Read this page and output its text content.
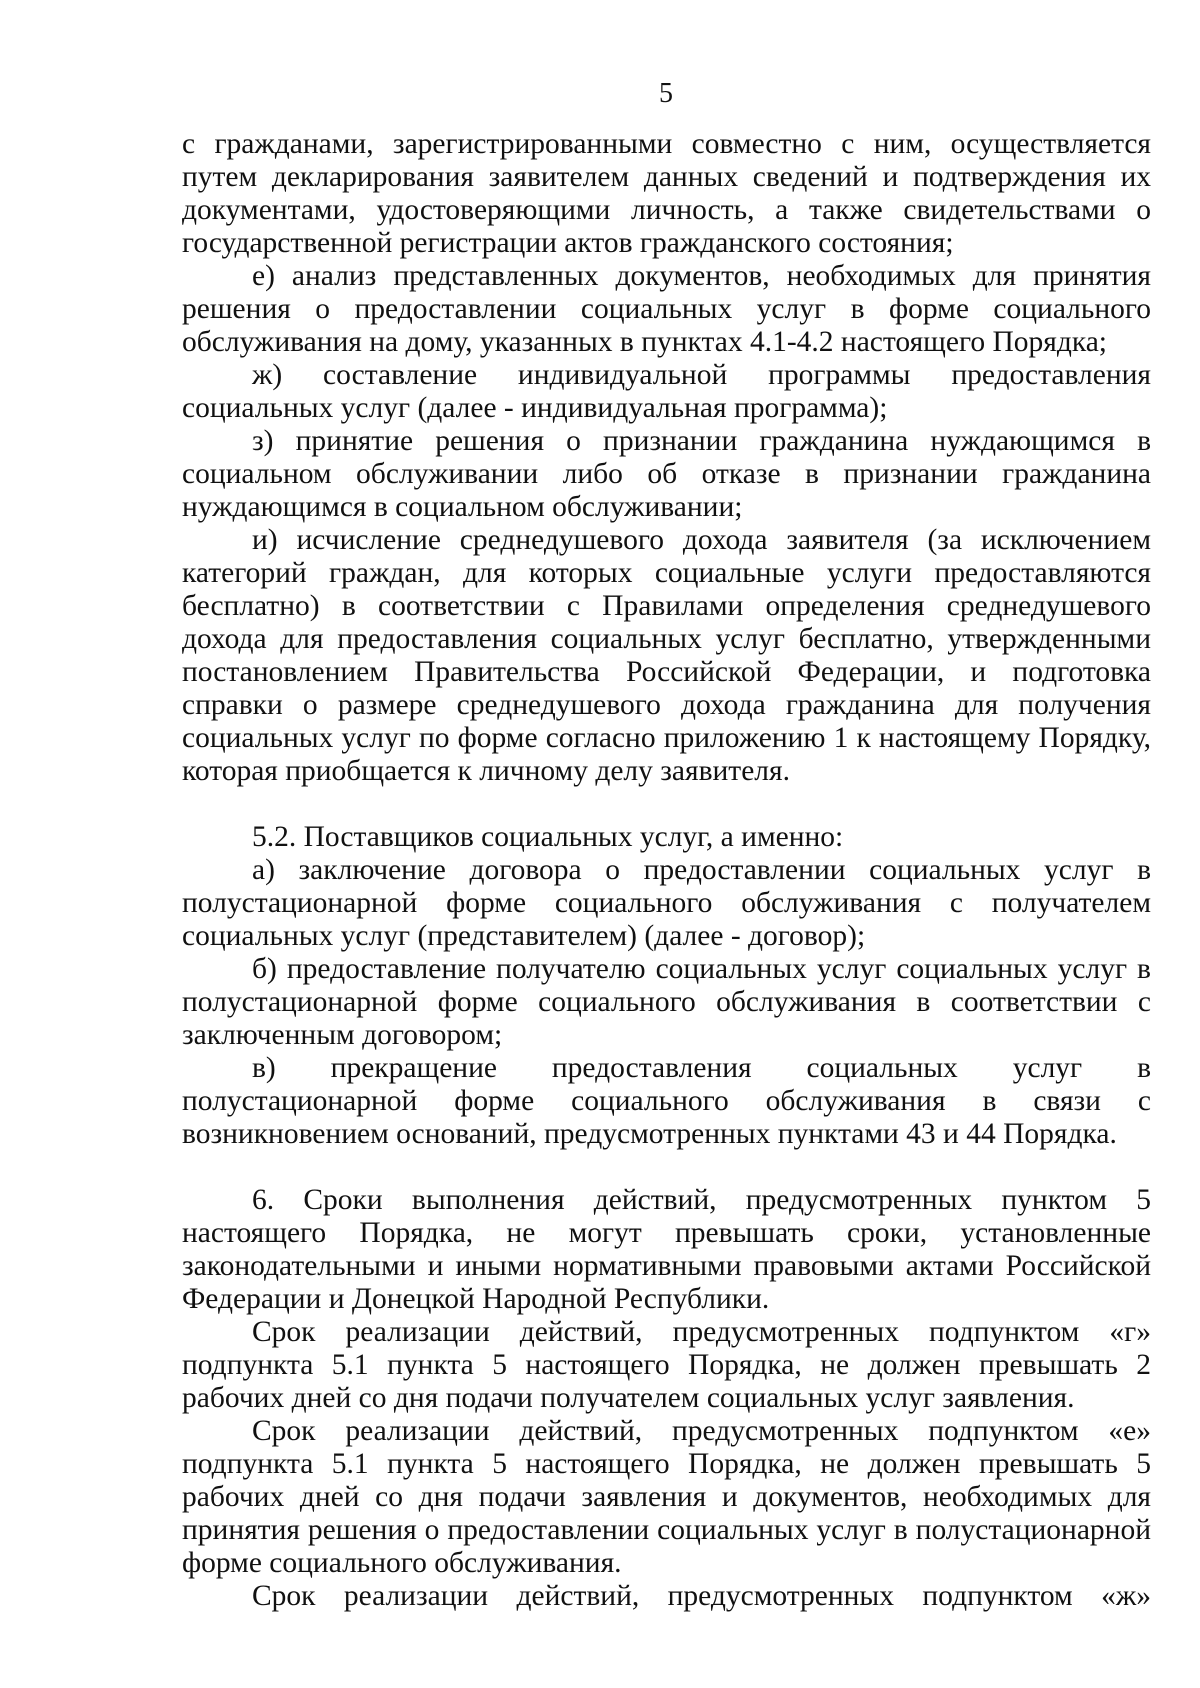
5

с гражданами, зарегистрированными совместно с ним, осуществляется путем декларирования заявителем данных сведений и подтверждения их документами, удостоверяющими личность, а также свидетельствами о государственной регистрации актов гражданского состояния;

е) анализ представленных документов, необходимых для принятия решения о предоставлении социальных услуг в форме социального обслуживания на дому, указанных в пунктах 4.1-4.2 настоящего Порядка;

ж) составление индивидуальной программы предоставления социальных услуг (далее - индивидуальная программа);

з) принятие решения о признании гражданина нуждающимся в социальном обслуживании либо об отказе в признании гражданина нуждающимся в социальном обслуживании;

и) исчисление среднедушевого дохода заявителя (за исключением категорий граждан, для которых социальные услуги предоставляются бесплатно) в соответствии с Правилами определения среднедушевого дохода для предоставления социальных услуг бесплатно, утвержденными постановлением Правительства Российской Федерации, и подготовка справки о размере среднедушевого дохода гражданина для получения социальных услуг по форме согласно приложению 1 к настоящему Порядку, которая приобщается к личному делу заявителя.

5.2. Поставщиков социальных услуг, а именно:

а) заключение договора о предоставлении социальных услуг в полустационарной форме социального обслуживания с получателем социальных услуг (представителем) (далее - договор);

б) предоставление получателю социальных услуг социальных услуг в полустационарной форме социального обслуживания в соответствии с заключенным договором;

в) прекращение предоставления социальных услуг в полустационарной форме социального обслуживания в связи с возникновением оснований, предусмотренных пунктами 43 и 44 Порядка.

6. Сроки выполнения действий, предусмотренных пунктом 5 настоящего Порядка, не могут превышать сроки, установленные законодательными и иными нормативными правовыми актами Российской Федерации и Донецкой Народной Республики.

Срок реализации действий, предусмотренных подпунктом «г» подпункта 5.1 пункта 5 настоящего Порядка, не должен превышать 2 рабочих дней со дня подачи получателем социальных услуг заявления.

Срок реализации действий, предусмотренных подпунктом «е» подпункта 5.1 пункта 5 настоящего Порядка, не должен превышать 5 рабочих дней со дня подачи заявления и документов, необходимых для принятия решения о предоставлении социальных услуг в полустационарной форме социального обслуживания.

Срок реализации действий, предусмотренных подпунктом «ж»
